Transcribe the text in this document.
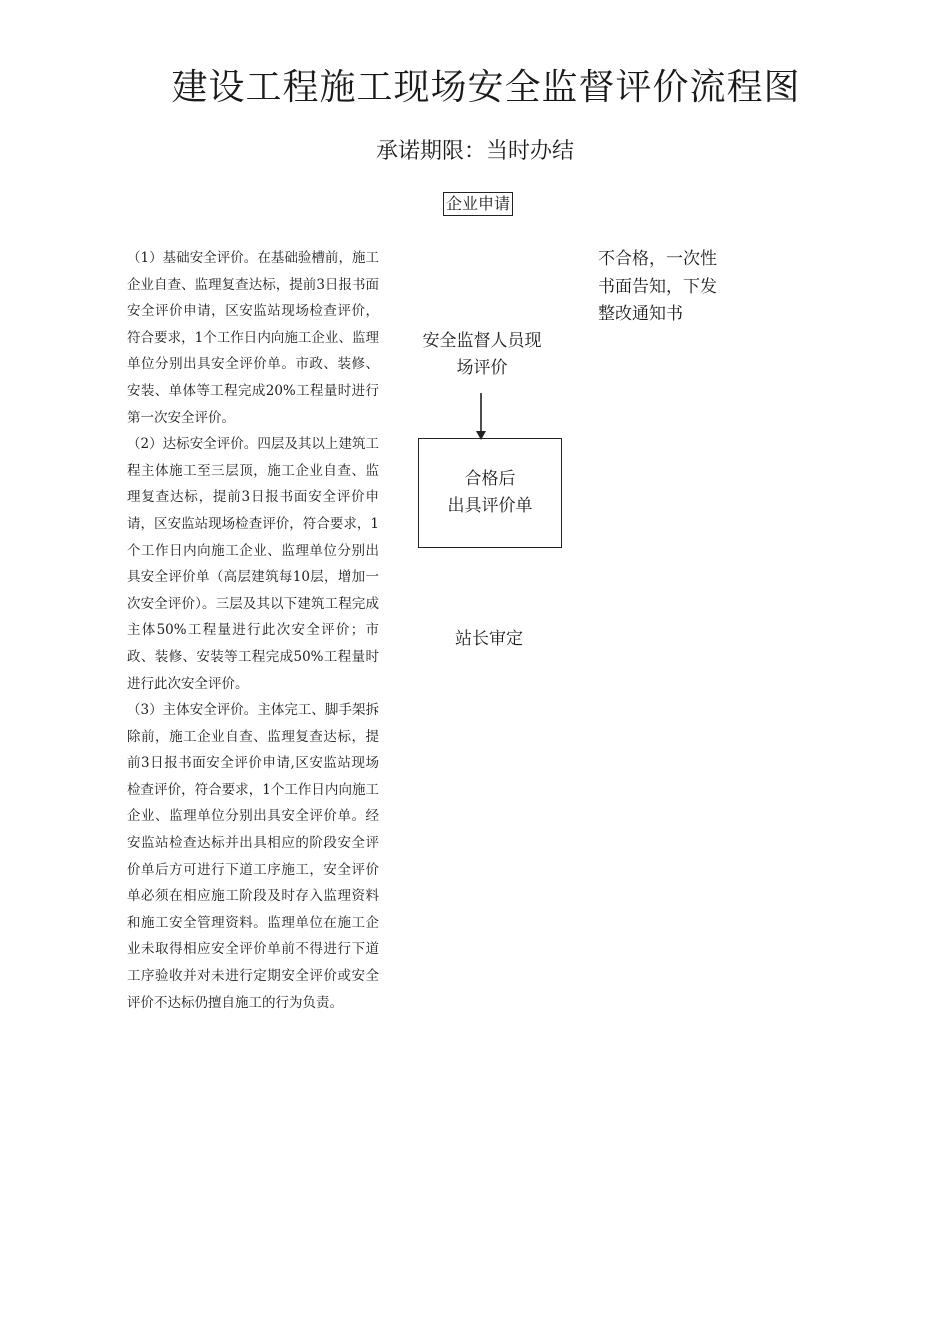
建设工程施工现场安全监督评价流程图
承诺期限：当时办结
企业申请

（1）基础安全评价。在基础验槽前，施工企业自查、监理复查达标，提前3日报书面安全评价申请，区安监站现场检查评价，符合要求，1个工作日内向施工企业、监理单位分别出具安全评价单。市政、装修、安装、单体等工程完成20%工程量时进行第一次安全评价。

（2）达标安全评价。四层及其以上建筑工程主体施工至三层顶，施工企业自查、监理复查达标，提前3日报书面安全评价申请，区安监站现场检查评价，符合要求，1个工作日内向施工企业、监理单位分别出具安全评价单（高层建筑每10层，增加一次安全评价）。三层及其以下建筑工程完成主体50%工程量进行此次安全评价；市政、装修、安装等工程完成50%工程量时进行此次安全评价。

（3）主体安全评价。主体完工、脚手架拆除前，施工企业自查、监理复查达标，提前3日报书面安全评价申请,区安监站现场检查评价，符合要求，1个工作日内向施工企业、监理单位分别出具安全评价单。经安监站检查达标并出具相应的阶段安全评价单后方可进行下道工序施工，安全评价单必须在相应施工阶段及时存入监理资料和施工安全管理资料。监理单位在施工企业未取得相应安全评价单前不得进行下道工序验收并对未进行定期安全评价或安全评价不达标仍擅自施工的行为负责。

安全监督人员现
场评价
合格后
出具评价单
站长审定
不合格，一次性
书面告知，下发
整改通知书
